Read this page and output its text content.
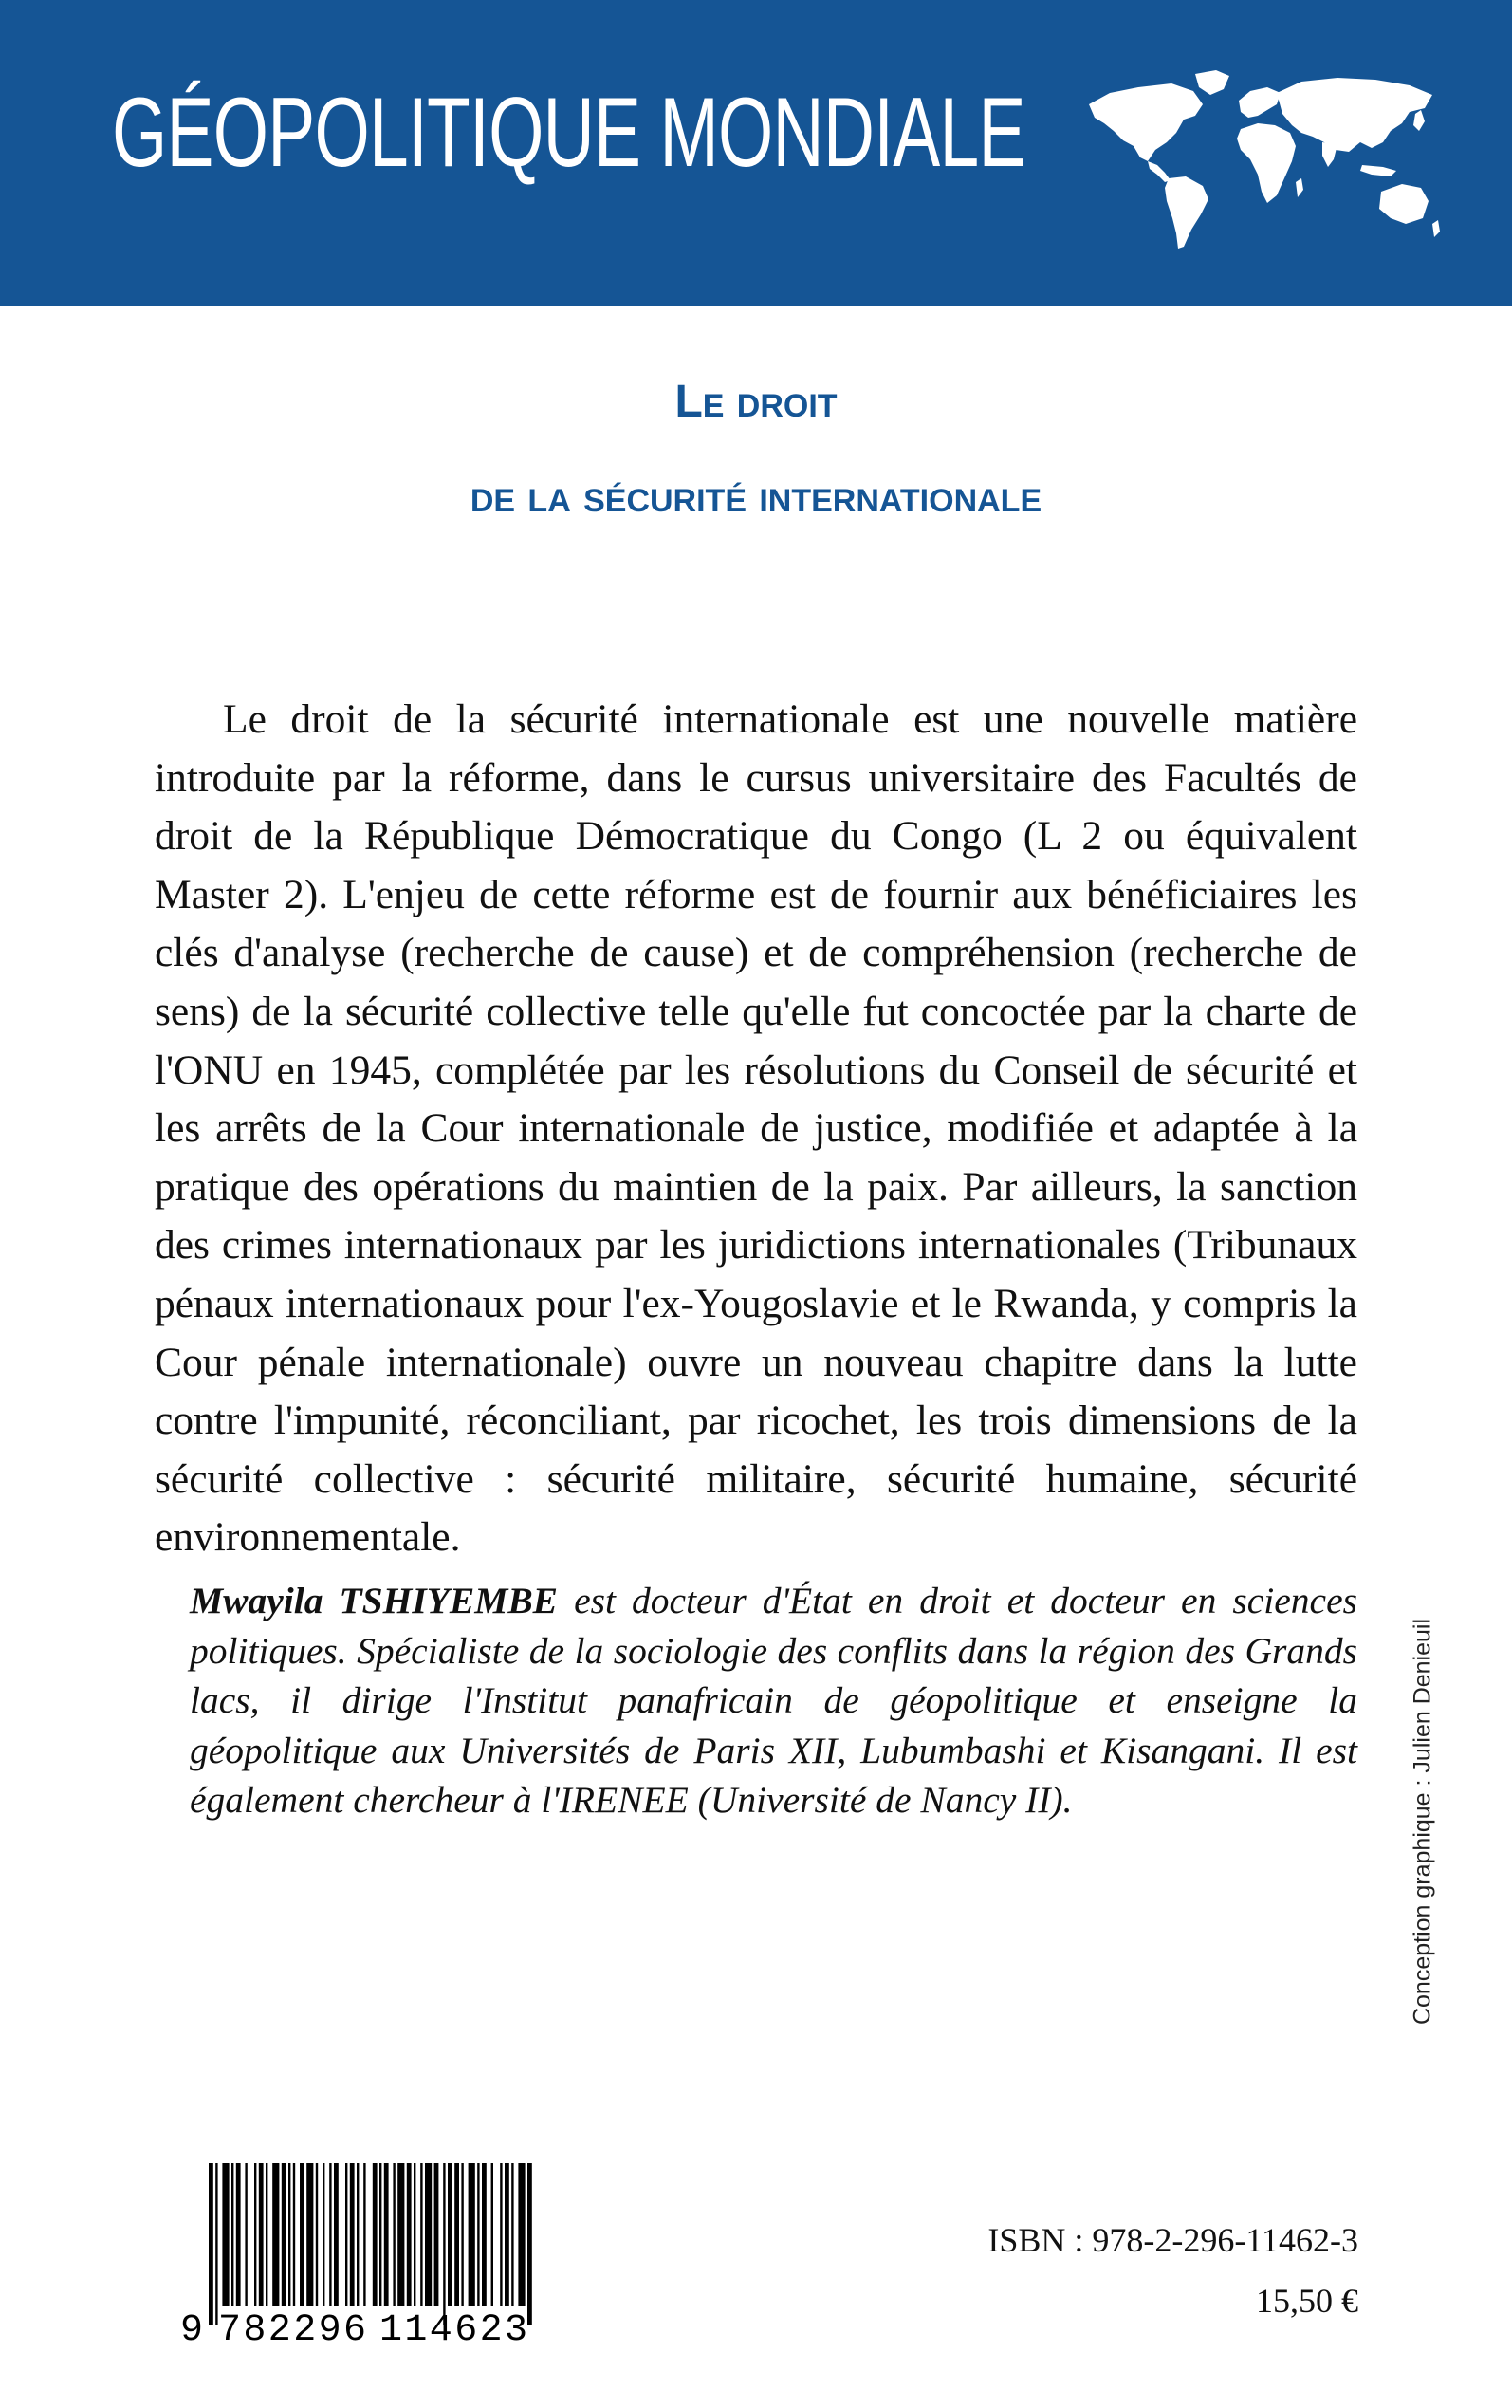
GÉOPOLITIQUE MONDIALE
Le droit
de la sécurité internationale

Le droit de la sécurité internationale est une nouvelle matière introduite par la réforme, dans le cursus universitaire des Facultés de droit de la République Démocratique du Congo (L 2 ou équivalent Master 2). L'enjeu de cette réforme est de fournir aux bénéficiaires les clés d'analyse (recherche de cause) et de compréhension (recherche de sens) de la sécurité collective telle qu'elle fut concoctée par la charte de l'ONU en 1945, complétée par les résolutions du Conseil de sécurité et les arrêts de la Cour internationale de justice, modifiée et adaptée à la pratique des opérations du maintien de la paix. Par ailleurs, la sanction des crimes internationaux par les juridictions internationales (Tribunaux pénaux internationaux pour l'ex-Yougoslavie et le Rwanda, y compris la Cour pénale internationale) ouvre un nouveau chapitre dans la lutte contre l'impunité, réconciliant, par ricochet, les trois dimensions de la sécurité collective : sécurité militaire, sécurité humaine, sécurité environnementale.

Mwayila TSHIYEMBE est docteur d'État en droit et docteur en sciences politiques. Spécialiste de la sociologie des conflits dans la région des Grands lacs, il dirige l'Institut panafricain de géopolitique et enseigne la géopolitique aux Universités de Paris XII, Lubumbashi et Kisangani. Il est également chercheur à l'IRENEE (Université de Nancy II).	Conception graphique : Julien Denieuil
9 782296 114623
ISBN : 978-2-296-11462-3
15,50 €
